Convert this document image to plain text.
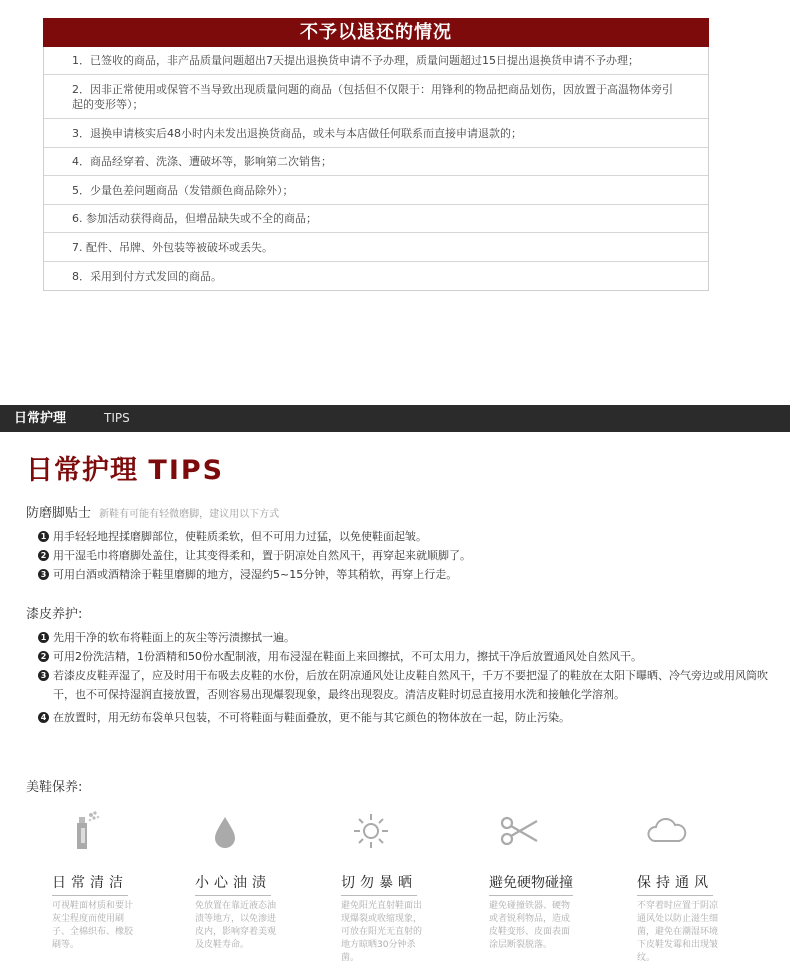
不予以退还的情况
1．已签收的商品，非产品质量问题超出7天提出退换货申请不予办理，质量问题超过15日提出退换货申请不予办理；
2．因非正常使用或保管不当导致出现质量问题的商品（包括但不仅限于：用锋利的物品把商品划伤，因放置于高温物体旁引起的变形等）；
3．退换申请核实后48小时内未发出退换货商品，或未与本店做任何联系而直接申请退款的；
4．商品经穿着、洗涤、遭破坏等，影响第二次销售；
5．少量色差问题商品（发错颜色商品除外）；
6. 参加活动获得商品，但增品缺失或不全的商品；
7. 配件、吊牌、外包装等被破坏或丢失。
8．采用到付方式发回的商品。
日常护理	TIPS
日常护理 TIPS
防磨脚贴士 新鞋有可能有轻微磨脚，建议用以下方式
1 用手轻轻地捏揉磨脚部位，使鞋质柔软，但不可用力过猛，以免使鞋面起皱。
2 用干湿毛巾将磨脚处盖住，让其变得柔和，置于阴凉处自然风干，再穿起来就顺脚了。
3 可用白酒或酒精涂于鞋里磨脚的地方，浸湿约5~15分钟，等其稍软，再穿上行走。
漆皮养护:
1 先用干净的软布将鞋面上的灰尘等污渍擦拭一遍。
2 可用2份洗洁精，1份酒精和50份水配制液，用布浸湿在鞋面上来回擦拭，不可太用力，擦拭干净后放置通风处自然风干。
3 若漆皮皮鞋弄湿了，应及时用干布吸去皮鞋的水份，后放在阴凉通风处让皮鞋自然风干，千万不要把湿了的鞋放在太阳下曝晒、冷气旁边或用风筒吹干，也不可保持湿润直接放置，否则容易出现爆裂现象，最终出现裂皮。清洁皮鞋时切忌直接用水洗和接触化学溶剂。
4 在放置时，用无纺布袋单只包装，不可将鞋面与鞋面叠放，更不能与其它颜色的物体放在一起，防止污染。
美鞋保养:
日常清洁
可视鞋面材质和要计灰尘程度而使用刷子、全棉织布、橡胶刷等。
小心油渍
免放置在靠近液态油渍等地方，以免渗进皮内，影响穿着美观及皮鞋寿命。
切勿暴晒
避免阳光直射鞋面出现爆裂或收缩现象，可放在阳光无直射的地方晾晒30分钟杀菌。
避免硬物碰撞
避免碰撞铁器、硬物或者锐利物品，造成皮鞋变形、皮面表面涂层断裂脱落。
保持通风
不穿着时应置于阴凉通风处以防止滋生细菌，避免在潮湿环境下皮鞋发霉和出现皱纹。
